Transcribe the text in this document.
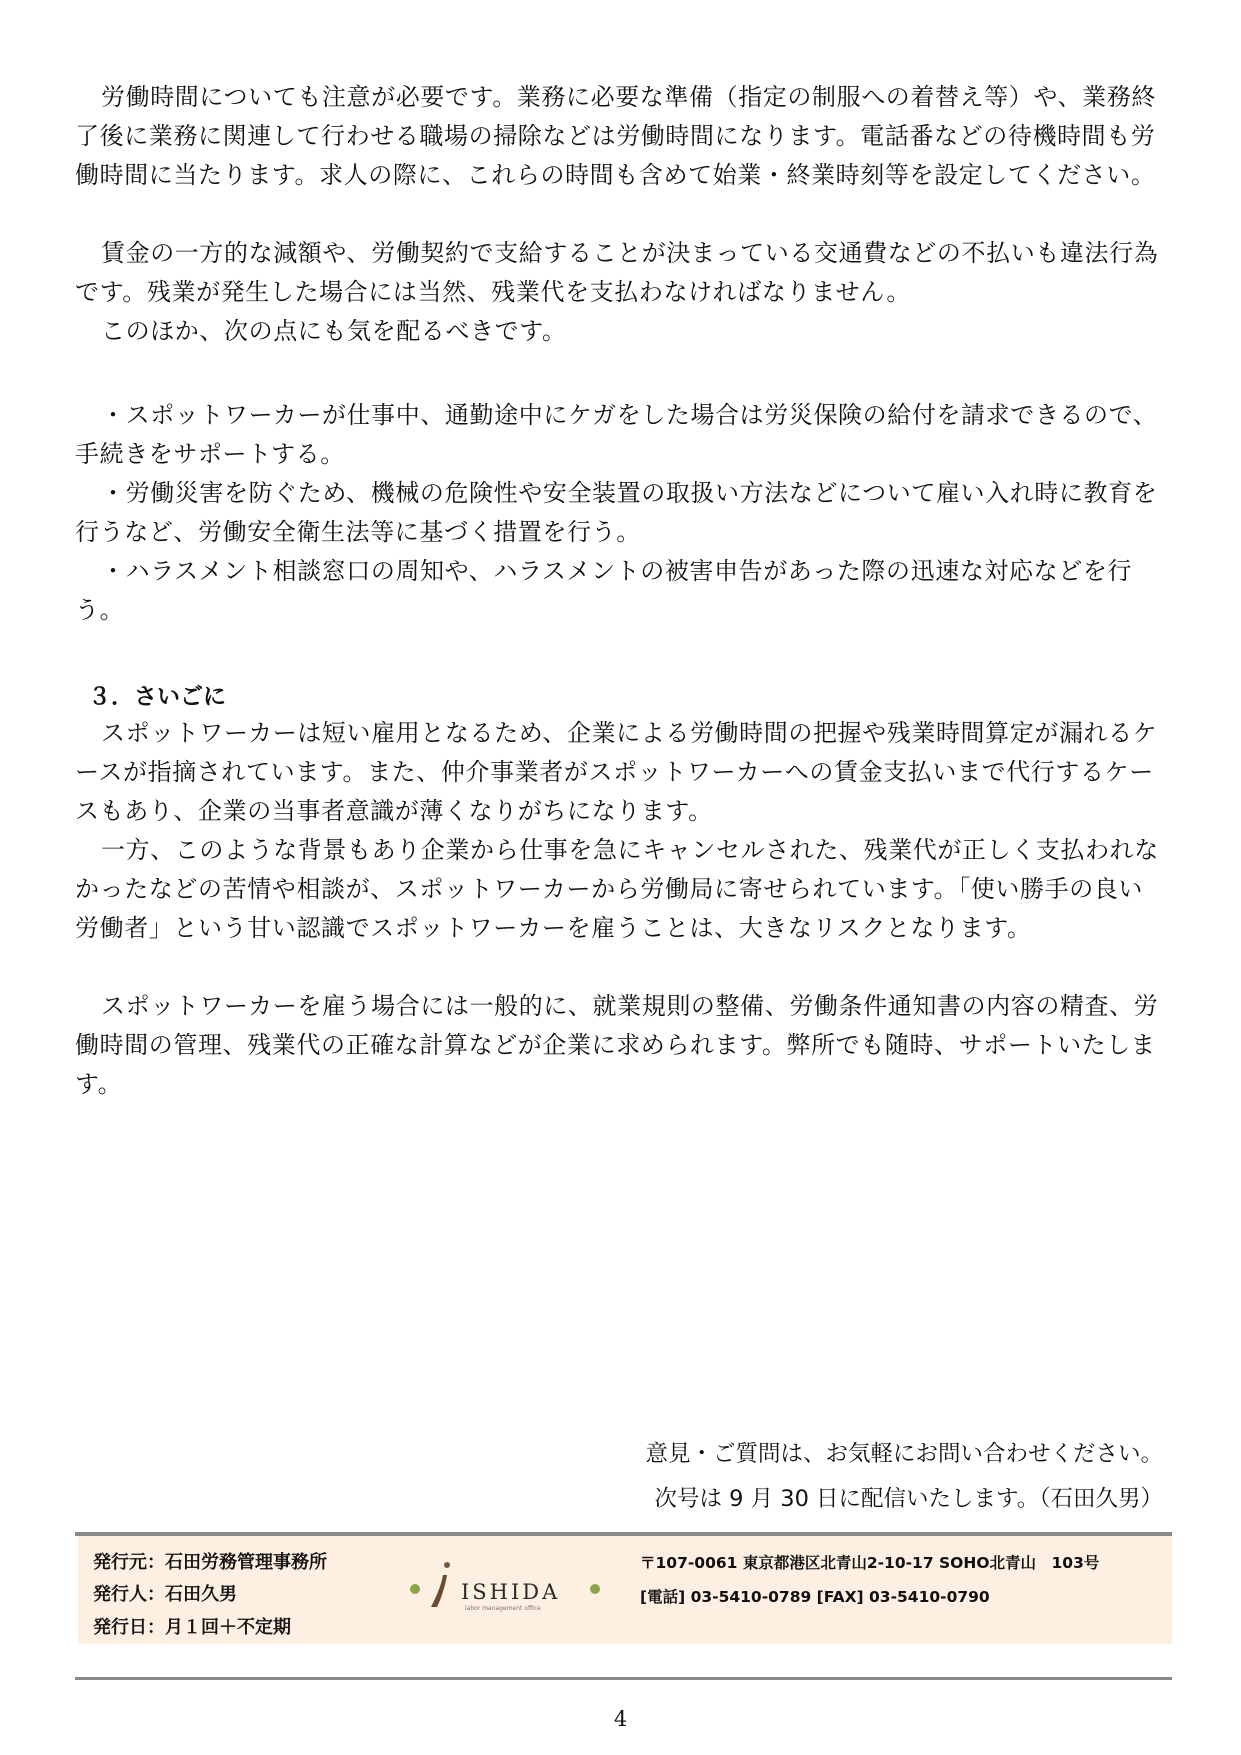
労働時間についても注意が必要です。業務に必要な準備（指定の制服への着替え等）や、業務終了後に業務に関連して行わせる職場の掃除などは労働時間になります。電話番などの待機時間も労働時間に当たります。求人の際に、これらの時間も含めて始業・終業時刻等を設定してください。

賃金の一方的な減額や、労働契約で支給することが決まっている交通費などの不払いも違法行為です。残業が発生した場合には当然、残業代を支払わなければなりません。

このほか、次の点にも気を配るべきです。

・スポットワーカーが仕事中、通勤途中にケガをした場合は労災保険の給付を請求できるので、手続きをサポートする。

・労働災害を防ぐため、機械の危険性や安全装置の取扱い方法などについて雇い入れ時に教育を行うなど、労働安全衛生法等に基づく措置を行う。

・ハラスメント相談窓口の周知や、ハラスメントの被害申告があった際の迅速な対応などを行う。

３．さいごに

スポットワーカーは短い雇用となるため、企業による労働時間の把握や残業時間算定が漏れるケースが指摘されています。また、仲介事業者がスポットワーカーへの賃金支払いまで代行するケースもあり、企業の当事者意識が薄くなりがちになります。

一方、このような背景もあり企業から仕事を急にキャンセルされた、残業代が正しく支払われなかったなどの苦情や相談が、スポットワーカーから労働局に寄せられています。「使い勝手の良い労働者」という甘い認識でスポットワーカーを雇うことは、大きなリスクとなります。

スポットワーカーを雇う場合には一般的に、就業規則の整備、労働条件通知書の内容の精査、労働時間の管理、残業代の正確な計算などが企業に求められます。弊所でも随時、サポートいたします。

意見・ご質問は、お気軽にお問い合わせください。

次号は 9 月 30 日に配信いたします。（石田久男）

発行元：石田労務管理事務所

発行人：石田久男

発行日：月１回＋不定期

ISHIDA
labor management office

〒107-0061 東京都港区北青山2-10-17 SOHO北青山　103号

[電話] 03-5410-0789 [FAX] 03-5410-0790

4
